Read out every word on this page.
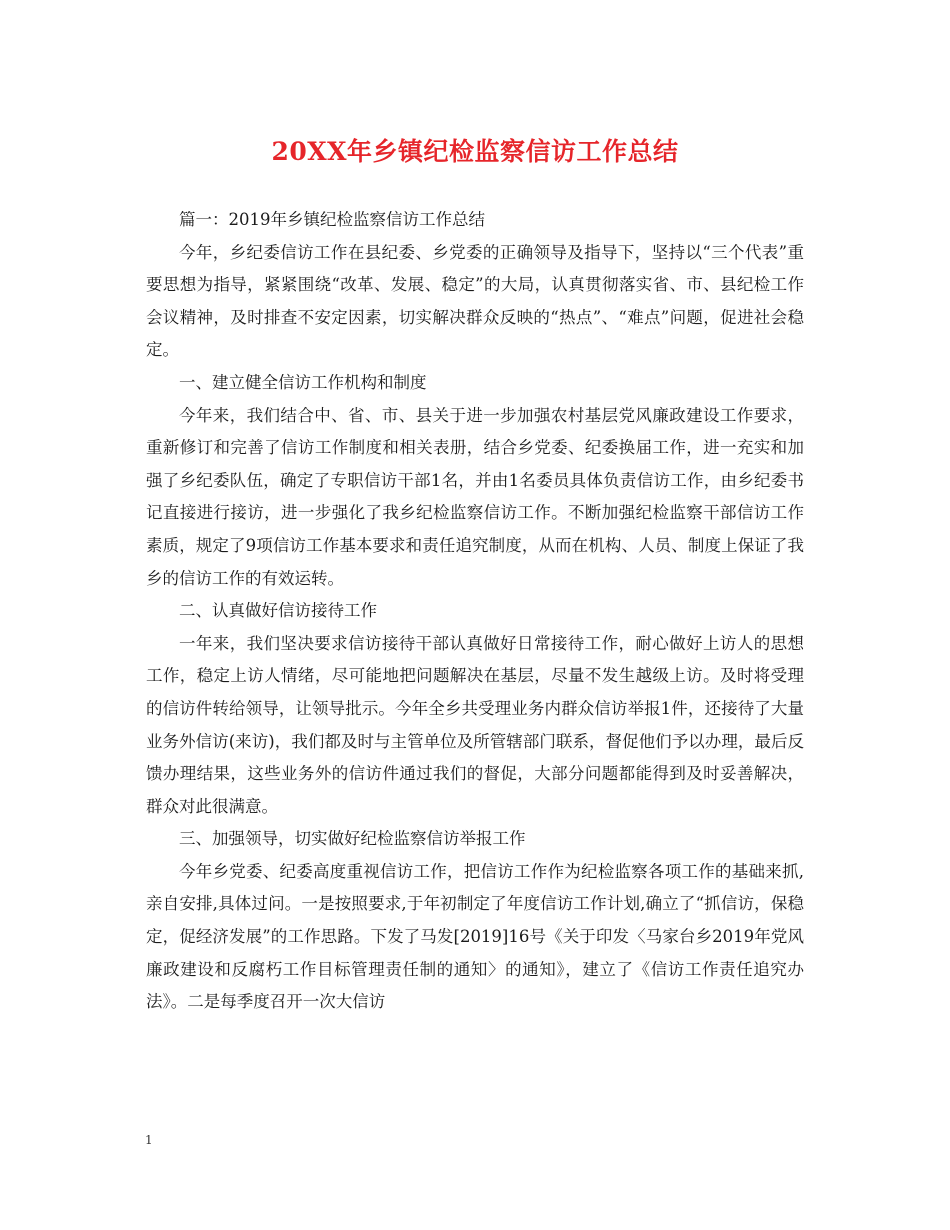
20XX年乡镇纪检监察信访工作总结

篇一：2019年乡镇纪检监察信访工作总结

今年，乡纪委信访工作在县纪委、乡党委的正确领导及指导下，坚持以“三个代表”重要思想为指导，紧紧围绕“改革、发展、稳定”的大局，认真贯彻落实省、市、县纪检工作会议精神，及时排查不安定因素，切实解决群众反映的“热点”、“难点”问题，促进社会稳定。

一、建立健全信访工作机构和制度

今年来，我们结合中、省、市、县关于进一步加强农村基层党风廉政建设工作要求，重新修订和完善了信访工作制度和相关表册，结合乡党委、纪委换届工作，进一充实和加强了乡纪委队伍，确定了专职信访干部1名，并由1名委员具体负责信访工作，由乡纪委书记直接进行接访，进一步强化了我乡纪检监察信访工作。不断加强纪检监察干部信访工作素质，规定了9项信访工作基本要求和责任追究制度，从而在机构、人员、制度上保证了我乡的信访工作的有效运转。

二、认真做好信访接待工作

一年来，我们坚决要求信访接待干部认真做好日常接待工作，耐心做好上访人的思想工作，稳定上访人情绪，尽可能地把问题解决在基层，尽量不发生越级上访。及时将受理的信访件转给领导，让领导批示。今年全乡共受理业务内群众信访举报1件，还接待了大量业务外信访(来访)，我们都及时与主管单位及所管辖部门联系，督促他们予以办理，最后反馈办理结果，这些业务外的信访件通过我们的督促，大部分问题都能得到及时妥善解决，群众对此很满意。

三、加强领导，切实做好纪检监察信访举报工作

今年乡党委、纪委高度重视信访工作，把信访工作作为纪检监察各项工作的基础来抓,亲自安排,具体过问。一是按照要求,于年初制定了年度信访工作计划,确立了“抓信访，保稳定，促经济发展”的工作思路。下发了马发[2019]16号《关于印发〈马家台乡2019年党风廉政建设和反腐朽工作目标管理责任制的通知〉的通知》，建立了《信访工作责任追究办法》。二是每季度召开一次大信访

1
